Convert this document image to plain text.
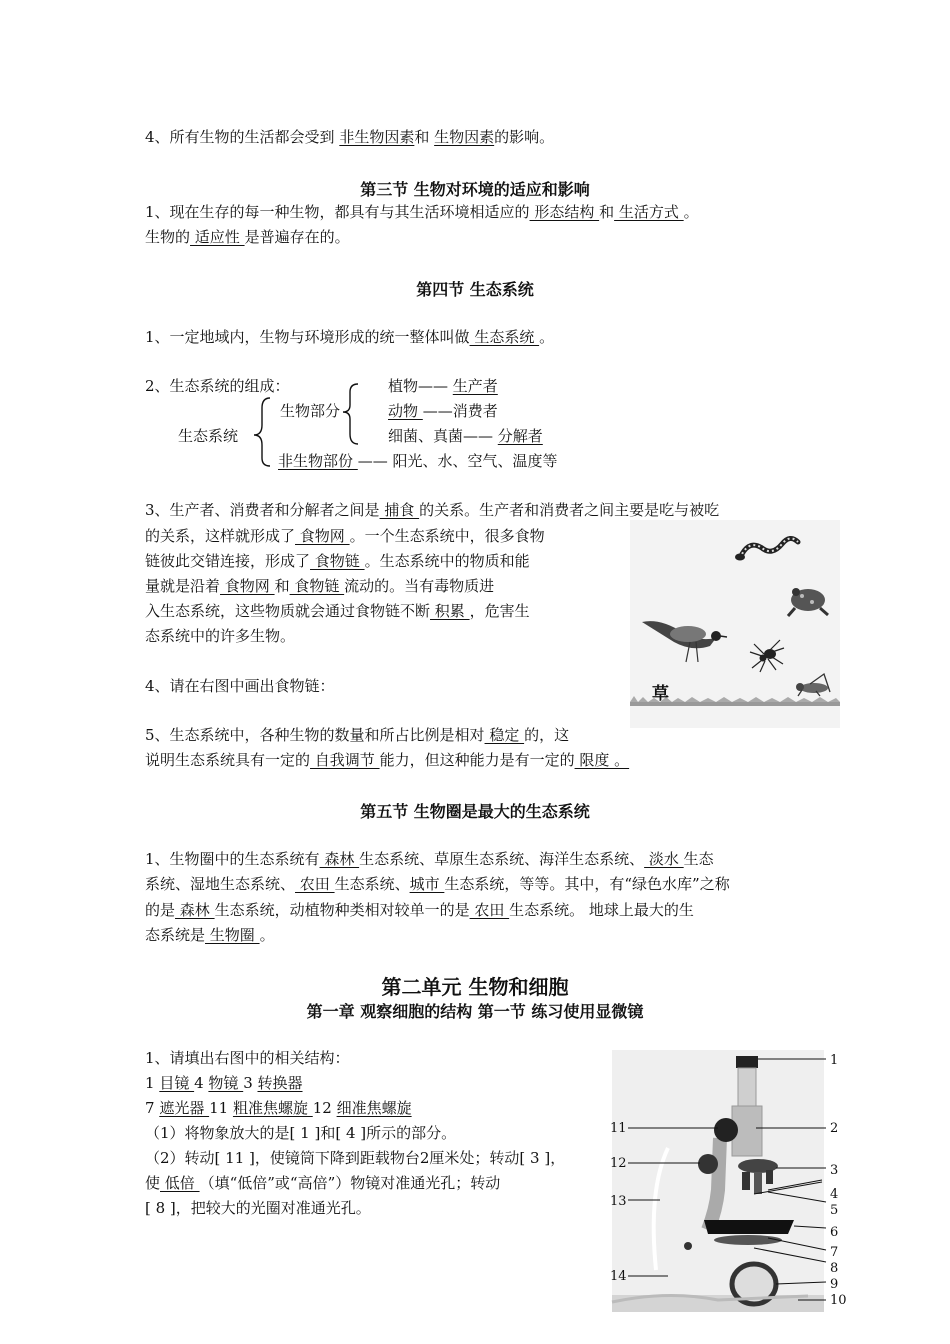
4、所有生物的生活都会受到 非生物因素和 生物因素的影响。
第三节 生物对环境的适应和影响
1、现在生存的每一种生物，都具有与其生活环境相适应的 形态结构 和 生活方式 。
生物的 适应性 是普遍存在的。
第四节 生态系统
1、一定地域内，生物与环境形成的统一整体叫做 生态系统 。
2、生态系统的组成：	植物—— 生产者
生物部分	动物 ——消费者
生态系统	细菌、真菌—— 分解者
非生物部份 —— 阳光、水、空气、温度等
3、生产者、消费者和分解者之间是 捕食 的关系。生产者和消费者之间主要是吃与被吃
的关系，这样就形成了 食物网 。一个生态系统中，很多食物
链彼此交错连接，形成了 食物链 。生态系统中的物质和能
量就是沿着 食物网 和 食物链 流动的。当有毒物质进
入生态系统，这些物质就会通过食物链不断 积累 ，危害生
态系统中的许多生物。
4、请在右图中画出食物链：	草
5、生态系统中，各种生物的数量和所占比例是相对 稳定 的，这
说明生态系统具有一定的 自我调节 能力，但这种能力是有一定的 限度 。
第五节 生物圈是最大的生态系统
1、生物圈中的生态系统有 森林 生态系统、草原生态系统、海洋生态系统、 淡水 生态
系统、湿地生态系统、 农田 生态系统、城市 生态系统，等等。其中，有“绿色水库”之称
的是 森林 生态系统，动植物种类相对较单一的是 农田 生态系统。 地球上最大的生
态系统是 生物圈 。
第二单元 生物和细胞
第一章 观察细胞的结构 第一节 练习使用显微镜
1、请填出右图中的相关结构：
1 目镜 4 物镜 3 转换器
7 遮光器 11 粗准焦螺旋 12 细准焦螺旋
（1）将物象放大的是[ 1 ]和[ 4 ]所示的部分。
（2）转动[ 11 ]，使镜筒下降到距载物台2厘米处；转动[ 3 ]，
使 低倍 （填“低倍”或“高倍”）物镜对准通光孔；转动
[ 8 ]，把较大的光圈对准通光孔。
1
2
3
4
5
6
7
8
9
10
11
12
13
14
